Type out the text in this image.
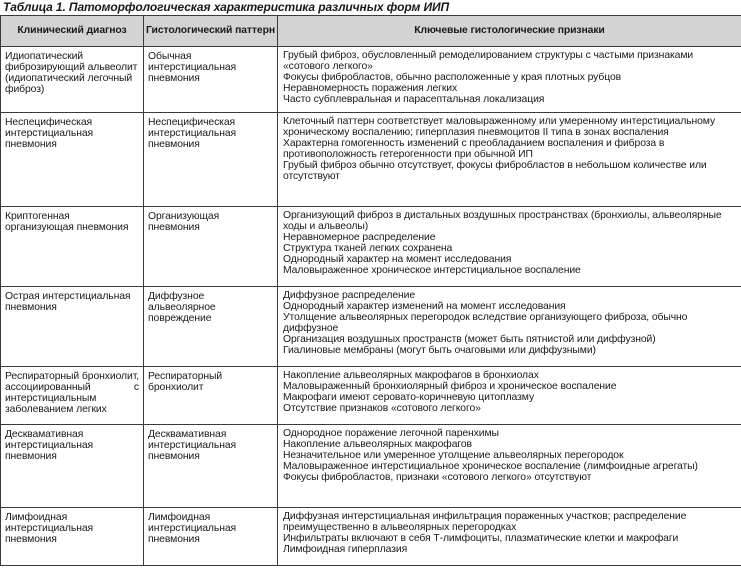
Таблица 1. Патоморфологическая характеристика различных форм ИИП
Клинический диагноз	Гистологический паттерн	Ключевые гистологические признаки
Идиопатический фиброзирующий альвеолит (идиопатический легочный фиброз)	Обычная интерстициальная пневмония	Грубый фиброз, обусловленный ремоделированием структуры с частыми признаками «сотового легкого»
Фокусы фибробластов, обычно расположенные у края плотных рубцов
Неравномерность поражения легких
Часто субплевральная и парасептальная локализация

Неспецифическая интерстициальная пневмония	Неспецифическая интерстициальная пневмония	Клеточный паттерн соответствует маловыраженному или умеренному интерстициальному хроническому воспалению; гиперплазия пневмоцитов II типа в зонах воспаления
Характерна гомогенность изменений с преобладанием воспаления и фиброза в противоположность гетерогенности при обычной ИП
Грубый фиброз обычно отсутствует, фокусы фибробластов в небольшом количестве или отсутствуют

Криптогенная организующая пневмония	Организующая пневмония	Организующий фиброз в дистальных воздушных пространствах (бронхиолы, альвеолярные ходы и альвеолы)
Неравномерное распределение
Структура тканей легких сохранена
Однородный характер на момент исследования
Маловыраженное хроническое интерстициальное воспаление

Острая интерстициальная пневмония	Диффузное альвеолярное повреждение	Диффузное распределение
Однородный характер изменений на момент исследования
Утолщение альвеолярных перегородок вследствие организующего фиброза, обычно диффузное
Организация воздушных пространств (может быть пятнистой или диффузной)
Гиалиновые мембраны (могут быть очаговыми или диффузными)

Респираторный бронхиолит, ассоциированный с интерстициальным заболеванием легких	Респираторный бронхиолит	Накопление альвеолярных макрофагов в бронхиолах
Маловыраженный бронхиолярный фиброз и хроническое воспаление
Макрофаги имеют серовато-коричневую цитоплазму
Отсутствие признаков «сотового легкого»

Десквамативная интерстициальная пневмония	Десквамативная интерстициальная пневмония	Однородное поражение легочной паренхимы
Накопление альвеолярных макрофагов
Незначительное или умеренное утолщение альвеолярных перегородок
Маловыраженное интерстициальное хроническое воспаление (лимфоидные агрегаты)
Фокусы фибробластов, признаки «сотового легкого» отсутствуют

Лимфоидная интерстициальная пневмония	Лимфоидная интерстициальная пневмония	Диффузная интерстициальная инфильтрация пораженных участков; распределение преимущественно в альвеолярных перегородках
Инфильтраты включают в себя Т-лимфоциты, плазматические клетки и макрофаги
Лимфоидная гиперплазия
